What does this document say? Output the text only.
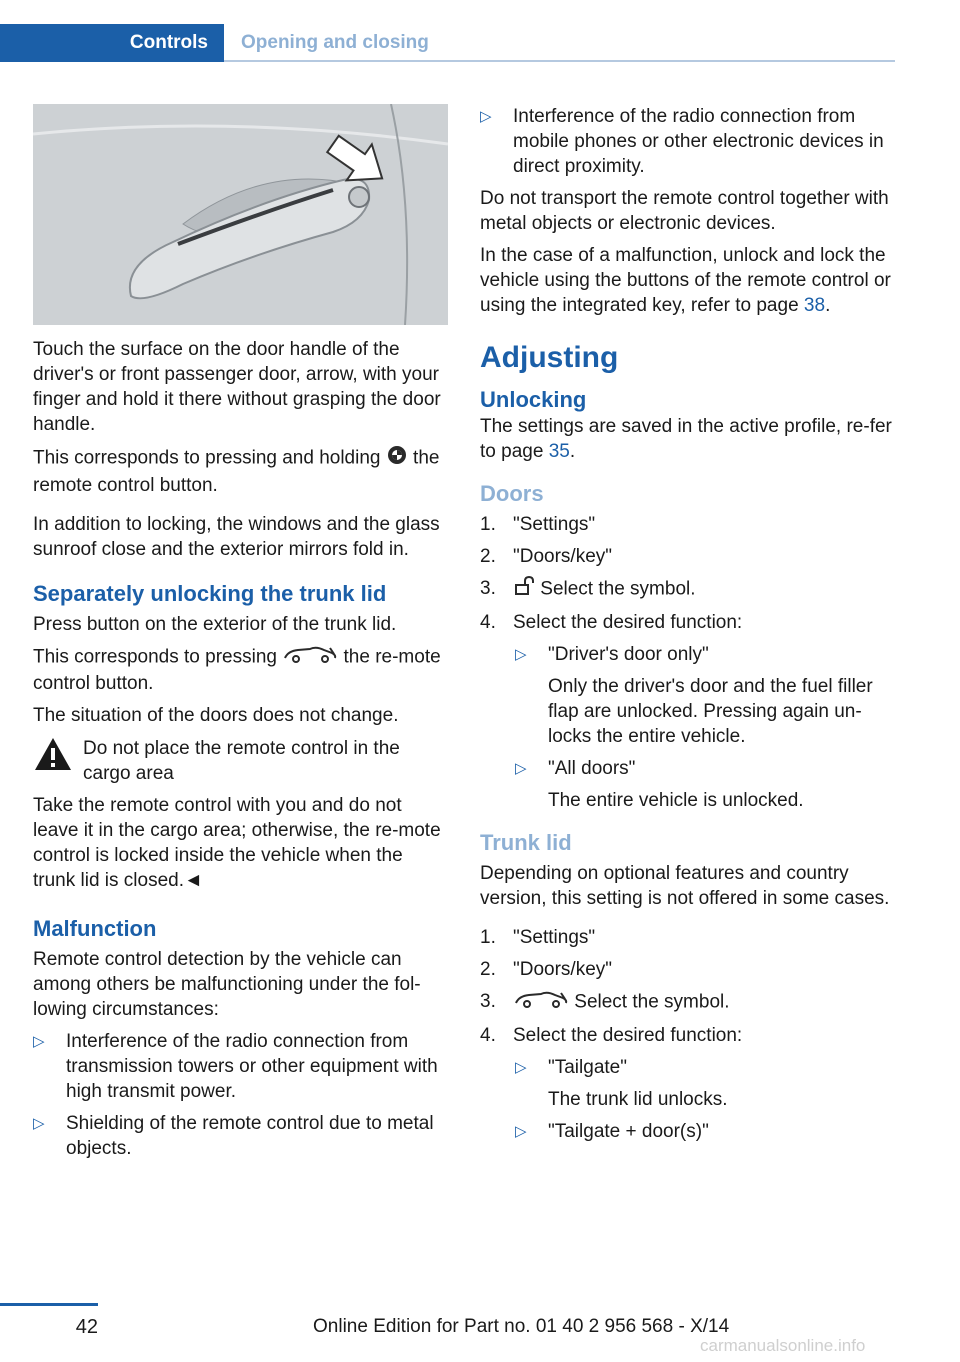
Controls	Opening and closing

Touch the surface on the door handle of the driver's or front passenger door, arrow, with your finger and hold it there without grasping the door handle.

This corresponds to pressing and holding the remote control button.

In addition to locking, the windows and the glass sunroof close and the exterior mirrors fold in.

Separately unlocking the trunk lid

Press button on the exterior of the trunk lid.

This corresponds to pressing	the re-mote control button.

The situation of the doors does not change.

Do not place the remote control in the cargo area

Take the remote control with you and do not leave it in the cargo area; otherwise, the re-mote control is locked inside the vehicle when the trunk lid is closed.◄

Malfunction

Remote control detection by the vehicle can among others be malfunctioning under the fol-lowing circumstances:

▷ Interference of the radio connection from transmission towers or other equipment with high transmit power.
▷ Shielding of the remote control due to metal objects.
▷ Interference of the radio connection from mobile phones or other electronic devices in direct proximity.

Do not transport the remote control together with metal objects or electronic devices.

In the case of a malfunction, unlock and lock the vehicle using the buttons of the remote control or using the integrated key, refer to page 38.

Adjusting
Unlocking

The settings are saved in the active profile, re-fer to page 35.

Doors
1. "Settings"
2. "Doors/key"
3. Select the symbol.
4. Select the desired function:
▷ "Driver's door only"

Only the driver's door and the fuel filler flap are unlocked. Pressing again un-locks the entire vehicle.

▷ "All doors"

The entire vehicle is unlocked.

Trunk lid

Depending on optional features and country version, this setting is not offered in some cases.

1. "Settings"
2. "Doors/key"
3.	Select the symbol.
4. Select the desired function:
▷ "Tailgate"

The trunk lid unlocks.

▷ "Tailgate + door(s)"
42	Online Edition for Part no. 01 40 2 956 568 - X/14
carmanualsonline.info
